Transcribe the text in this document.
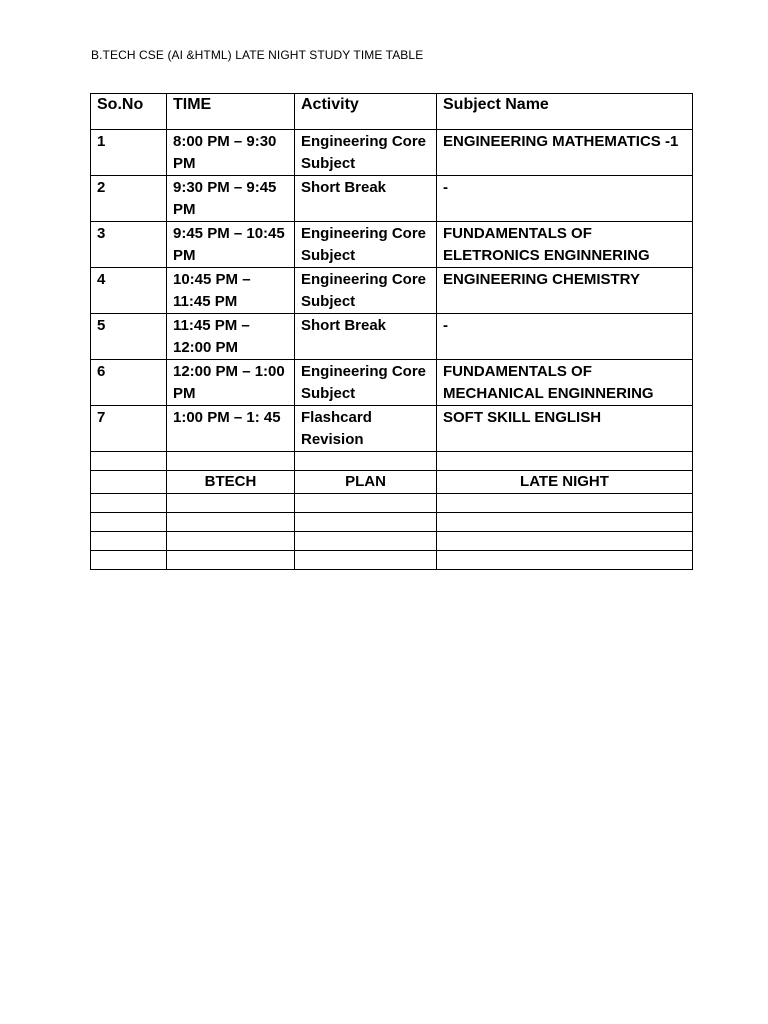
B.TECH CSE (AI &HTML) LATE NIGHT STUDY TIME TABLE
So.No	TIME	Activity	Subject Name
1	8:00 PM – 9:30 PM	Engineering Core Subject	ENGINEERING MATHEMATICS -1
2	9:30 PM – 9:45 PM	Short Break	-
3	9:45 PM – 10:45 PM	Engineering Core Subject	FUNDAMENTALS OF ELETRONICS ENGINNERING
4	10:45 PM – 11:45 PM	Engineering Core Subject	ENGINEERING CHEMISTRY
5	11:45 PM – 12:00 PM	Short Break	-
6	12:00 PM – 1:00 PM	Engineering Core Subject	FUNDAMENTALS OF MECHANICAL ENGINNERING
7	1:00 PM – 1: 45	Flashcard Revision	SOFT SKILL ENGLISH

	BTECH	PLAN	LATE NIGHT
